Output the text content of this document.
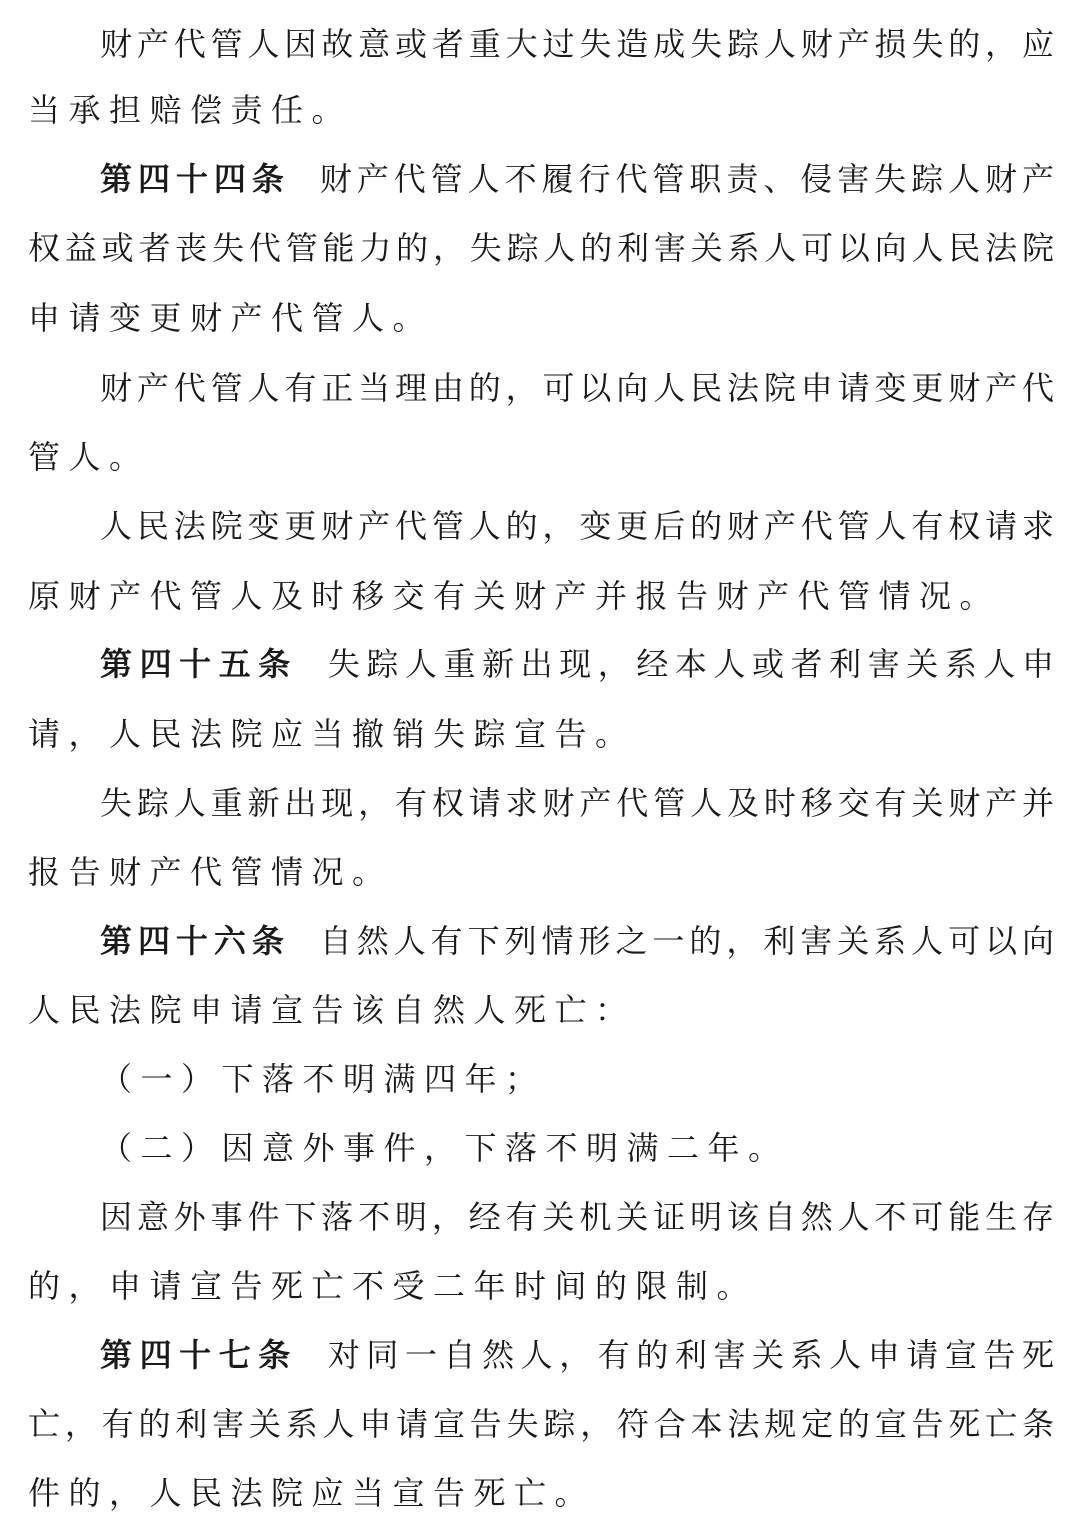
财产代管人因故意或者重大过失造成失踪人财产损失的，应
当承担赔偿责任。
第四十四条 财产代管人不履行代管职责、侵害失踪人财产
权益或者丧失代管能力的，失踪人的利害关系人可以向人民法院
申请变更财产代管人。
财产代管人有正当理由的，可以向人民法院申请变更财产代
管人。
人民法院变更财产代管人的，变更后的财产代管人有权请求
原财产代管人及时移交有关财产并报告财产代管情况。
第四十五条 失踪人重新出现，经本人或者利害关系人申
请，人民法院应当撤销失踪宣告。
失踪人重新出现，有权请求财产代管人及时移交有关财产并
报告财产代管情况。
第四十六条 自然人有下列情形之一的，利害关系人可以向
人民法院申请宣告该自然人死亡：
（一）下落不明满四年；
（二）因意外事件，下落不明满二年。
因意外事件下落不明，经有关机关证明该自然人不可能生存
的，申请宣告死亡不受二年时间的限制。
第四十七条 对同一自然人，有的利害关系人申请宣告死
亡，有的利害关系人申请宣告失踪，符合本法规定的宣告死亡条
件的，人民法院应当宣告死亡。
